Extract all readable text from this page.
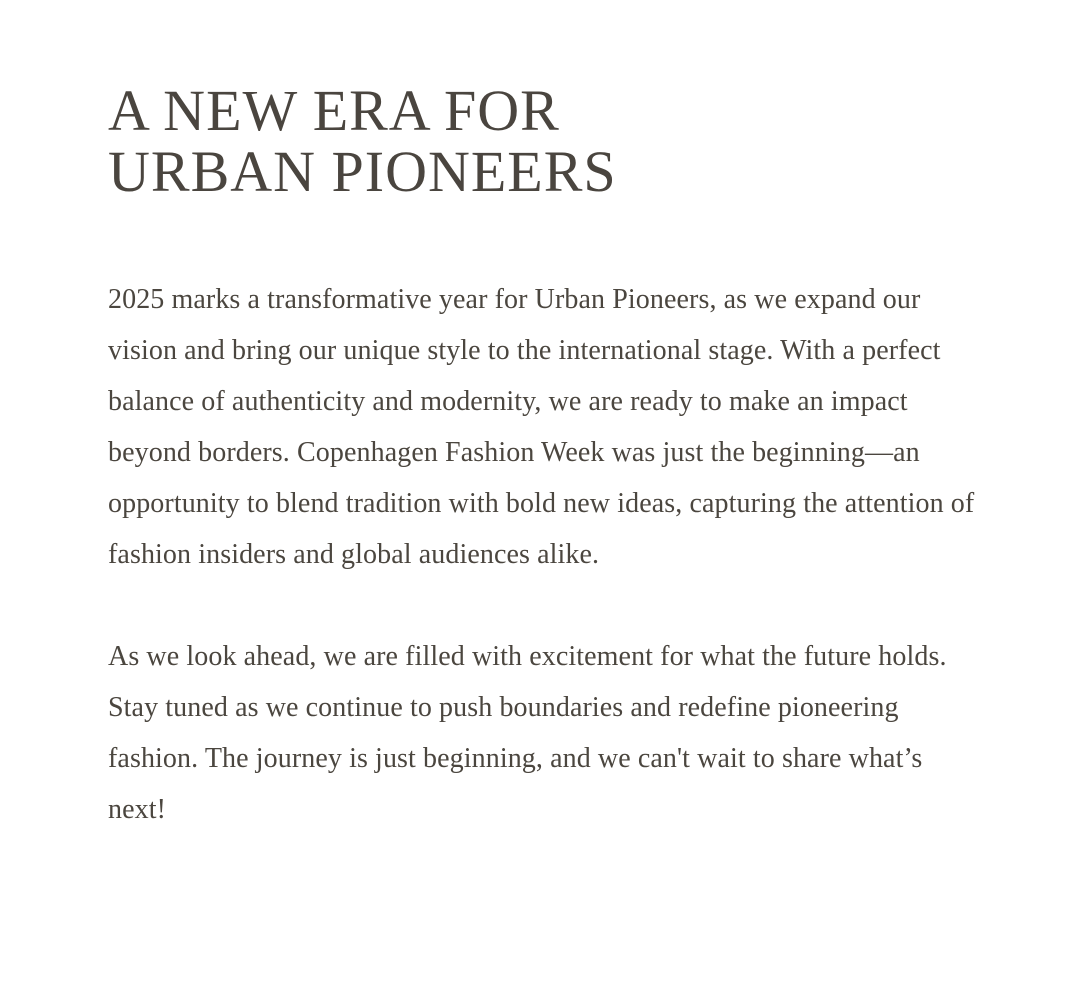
A NEW ERA FOR
URBAN PIONEERS

2025 marks a transformative year for Urban Pioneers, as we expand our vision and bring our unique style to the international stage. With a perfect balance of authenticity and modernity, we are ready to make an impact beyond borders. Copenhagen Fashion Week was just the beginning—an opportunity to blend tradition with bold new ideas, capturing the attention of fashion insiders and global audiences alike.

As we look ahead, we are filled with excitement for what the future holds. Stay tuned as we continue to push boundaries and redefine pioneering fashion. The journey is just beginning, and we can't wait to share what’s next!
